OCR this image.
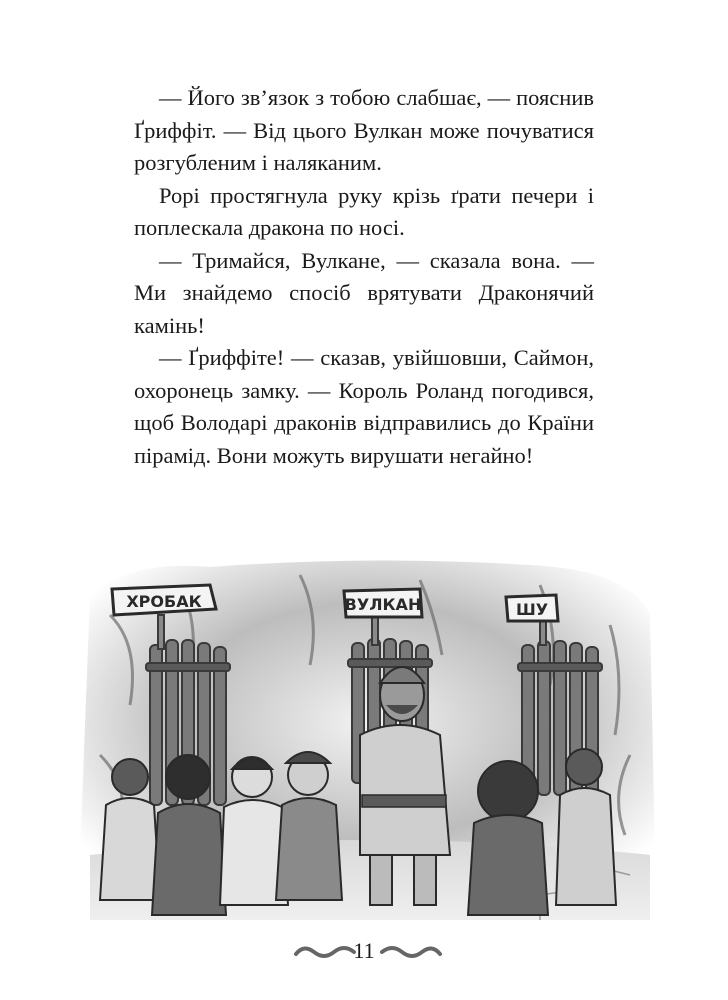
— Його зв’язок з тобою слабшає, — пояснив Ґриффіт. — Від цього Вулкан може почуватися розгубленим і наляканим.

Рорі простягнула руку крізь ґрати печери і поплескала дракона по носі.

— Тримайся, Вулкане, — сказала вона. — Ми знайдемо спосіб врятувати Драконячий камінь!

— Ґриффіте! — сказав, увійшовши, Саймон, охоронець замку. — Король Роланд погодився, щоб Володарі драконів відправились до Країни пірамід. Вони можуть вирушати негайно!

ХРОБАК	ВУЛКАН	ШУ
11
